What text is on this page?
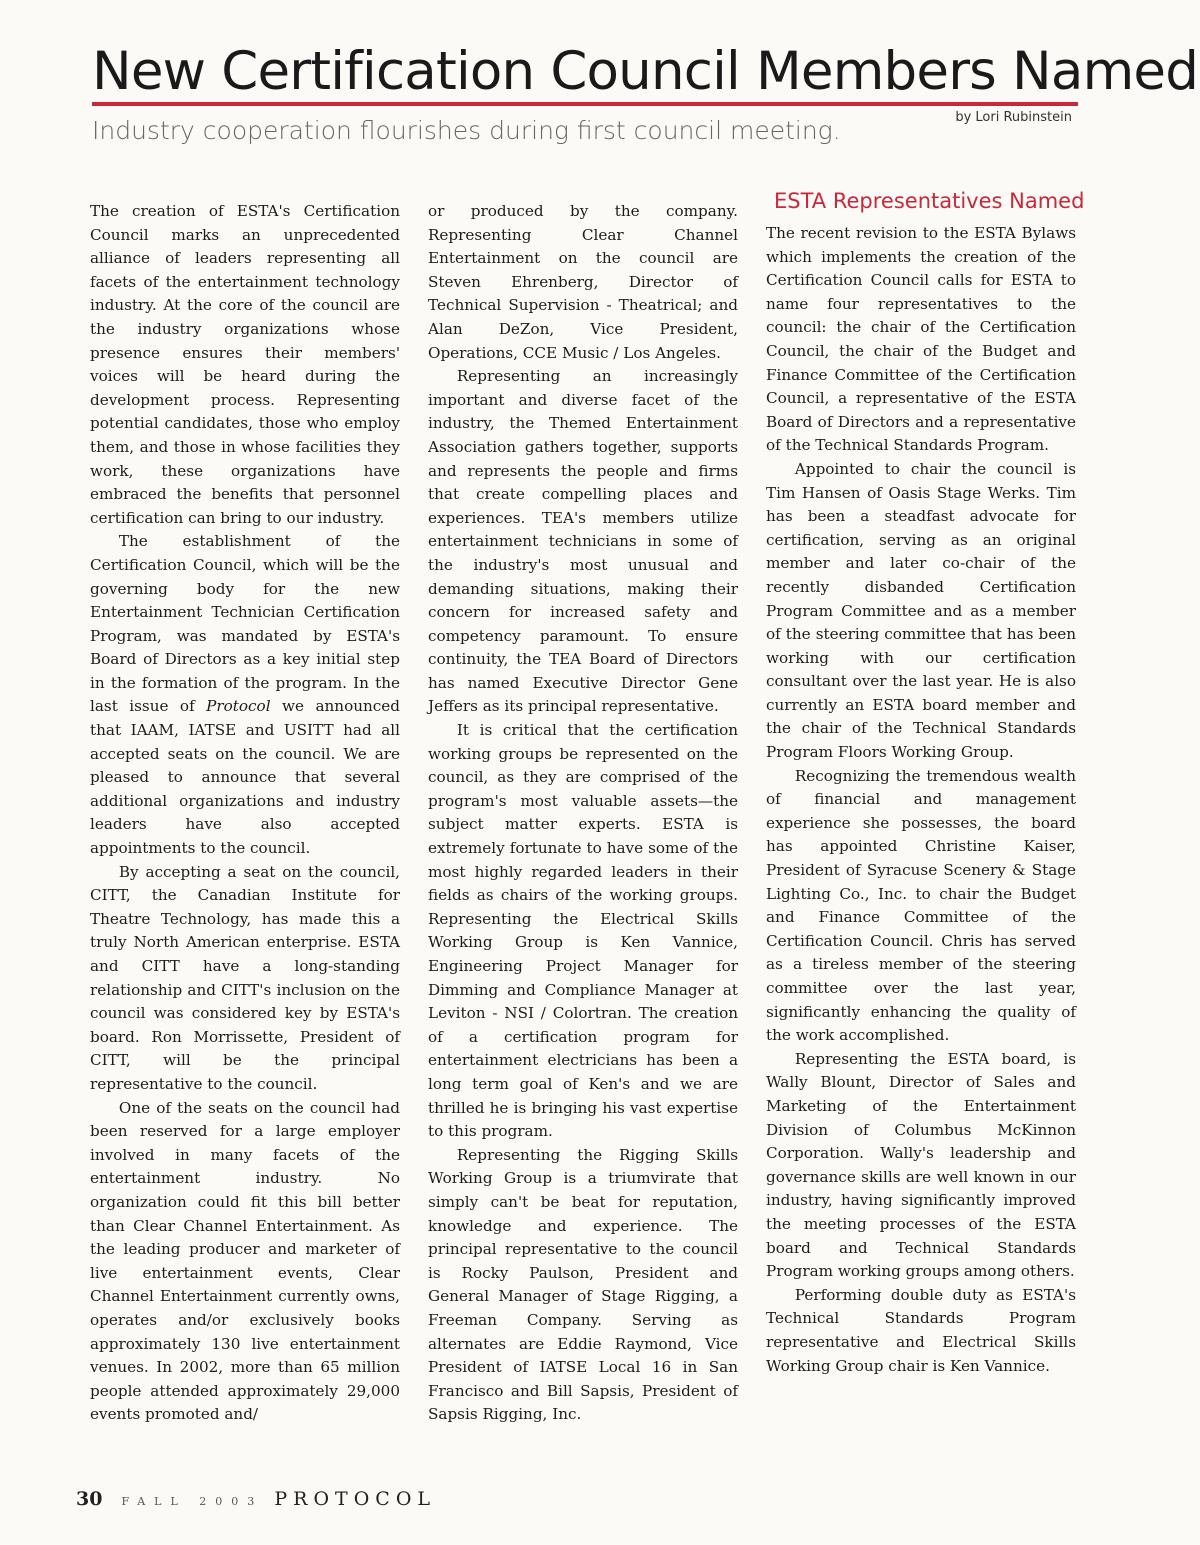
New Certification Council Members Named
Industry cooperation flourishes during first council meeting.	by Lori Rubinstein

The creation of ESTA's Certification Council marks an unprecedented alliance of leaders representing all facets of the entertainment technology industry. At the core of the council are the industry organizations whose presence ensures their members' voices will be heard during the development process. Representing potential candidates, those who employ them, and those in whose facilities they work, these organizations have embraced the benefits that personnel certification can bring to our industry.

The establishment of the Certification Council, which will be the governing body for the new Entertainment Technician Certification Program, was mandated by ESTA's Board of Directors as a key initial step in the formation of the program. In the last issue of Protocol we announced that IAAM, IATSE and USITT had all accepted seats on the council. We are pleased to announce that several additional organizations and industry leaders have also accepted appointments to the council.

By accepting a seat on the council, CITT, the Canadian Institute for Theatre Technology, has made this a truly North American enterprise. ESTA and CITT have a long-standing relationship and CITT's inclusion on the council was considered key by ESTA's board. Ron Morrissette, President of CITT, will be the principal representative to the council.

One of the seats on the council had been reserved for a large employer involved in many facets of the entertainment industry. No organization could fit this bill better than Clear Channel Entertainment. As the leading producer and marketer of live entertainment events, Clear Channel Entertainment currently owns, operates and/or exclusively books approximately 130 live entertainment venues. In 2002, more than 65 million people attended approximately 29,000 events promoted and/

or produced by the company. Representing Clear Channel Entertainment on the council are Steven Ehrenberg, Director of Technical Supervision - Theatrical; and Alan DeZon, Vice President, Operations, CCE Music / Los Angeles.

Representing an increasingly important and diverse facet of the industry, the Themed Entertainment Association gathers together, supports and represents the people and firms that create compelling places and experiences. TEA's members utilize entertainment technicians in some of the industry's most unusual and demanding situations, making their concern for increased safety and competency paramount. To ensure continuity, the TEA Board of Directors has named Executive Director Gene Jeffers as its principal representative.

It is critical that the certification working groups be represented on the council, as they are comprised of the program's most valuable assets—the subject matter experts. ESTA is extremely fortunate to have some of the most highly regarded leaders in their fields as chairs of the working groups. Representing the Electrical Skills Working Group is Ken Vannice, Engineering Project Manager for Dimming and Compliance Manager at Leviton - NSI / Colortran. The creation of a certification program for entertainment electricians has been a long term goal of Ken's and we are thrilled he is bringing his vast expertise to this program.

Representing the Rigging Skills Working Group is a triumvirate that simply can't be beat for reputation, knowledge and experience. The principal representative to the council is Rocky Paulson, President and General Manager of Stage Rigging, a Freeman Company. Serving as alternates are Eddie Raymond, Vice President of IATSE Local 16 in San Francisco and Bill Sapsis, President of Sapsis Rigging, Inc.

ESTA Representatives Named

The recent revision to the ESTA Bylaws which implements the creation of the Certification Council calls for ESTA to name four representatives to the council: the chair of the Certification Council, the chair of the Budget and Finance Committee of the Certification Council, a representative of the ESTA Board of Directors and a representative of the Technical Standards Program.

Appointed to chair the council is Tim Hansen of Oasis Stage Werks. Tim has been a steadfast advocate for certification, serving as an original member and later co-chair of the recently disbanded Certification Program Committee and as a member of the steering committee that has been working with our certification consultant over the last year. He is also currently an ESTA board member and the chair of the Technical Standards Program Floors Working Group.

Recognizing the tremendous wealth of financial and management experience she possesses, the board has appointed Christine Kaiser, President of Syracuse Scenery & Stage Lighting Co., Inc. to chair the Budget and Finance Committee of the Certification Council. Chris has served as a tireless member of the steering committee over the last year, significantly enhancing the quality of the work accomplished.

Representing the ESTA board, is Wally Blount, Director of Sales and Marketing of the Entertainment Division of Columbus McKinnon Corporation. Wally's leadership and governance skills are well known in our industry, having significantly improved the meeting processes of the ESTA board and Technical Standards Program working groups among others.

Performing double duty as ESTA's Technical Standards Program representative and Electrical Skills Working Group chair is Ken Vannice.

30 FALL 2003 PROTOCOL
